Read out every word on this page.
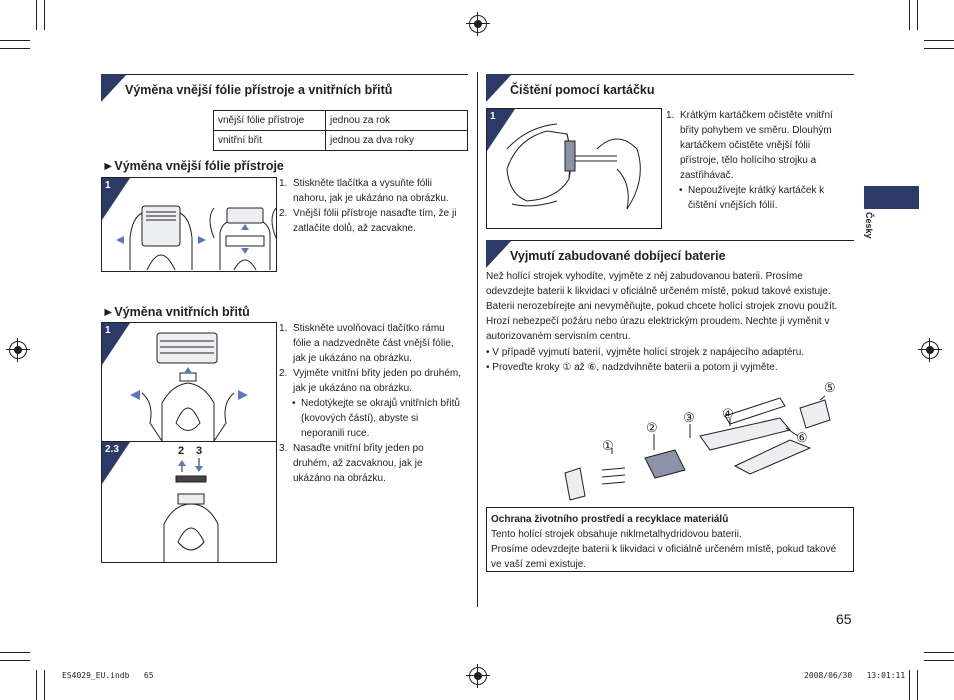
Výměna vnější fólie přístroje a vnitřních břitů
vnější fólie přístroje	jednou za rok
vnitřní břit	jednou za dva roky
►Výměna vnější fólie přístroje
1	1. Stiskněte tlačítka a vysuňte fólii nahoru, jak je ukázáno na obrázku.
2. Vnější fólii přístroje nasaďte tím, že ji zatlačíte dolů, až zacvakne.
►Výměna vnitřních břitů
1
2.3	2 3
1. Stiskněte uvolňovací tlačítko rámu fólie a nadzvedněte část vnější fólie, jak je ukázáno na obrázku.
2. Vyjměte vnitřní břity jeden po druhém, jak je ukázáno na obrázku.
• Nedotýkejte se okrajů vnitřních břitů (kovových částí), abyste si neporanili ruce.
3. Nasaďte vnitřní břity jeden po druhém, až zacvaknou, jak je ukázáno na obrázku.
Čištění pomocí kartáčku
1	1. Krátkým kartáčkem očistěte vnitřní břity pohybem ve směru. Dlouhým kartáčkem očistěte vnější fólii přístroje, tělo holícího strojku a zastřihávač.
• Nepoužívejte krátký kartáček k čištění vnějších fólií.
Vyjmutí zabudované dobíjecí baterie
Než holící strojek vyhodíte, vyjměte z něj zabudovanou baterii. Prosíme odevzdejte baterii k likvidaci v oficiálně určeném místě, pokud takové existuje. Baterii nerozebírejte ani nevyměňujte, pokud chcete holící strojek znovu použít. Hrozí nebezpečí požáru nebo úrazu elektrickým proudem. Nechte ji vyměnit v autorizovaném servisním centru.
• V případě vyjmutí baterií, vyjměte holící strojek z napájecího adaptéru.
• Proveďte kroky ① až ⑥, nadzdvihněte baterii a potom ji vyjměte.
①
②
③ ④
⑤
⑥
Ochrana životního prostředí a recyklace materiálů
Tento holící strojek obsahuje niklmetalhydridovou baterii.
Prosíme odevzdejte baterii k likvidaci v oficiálně určeném místě, pokud takové ve vaší zemi existuje.
Česky
65
ES4029_EU.indb   65	2008/06/30   13:01:11
